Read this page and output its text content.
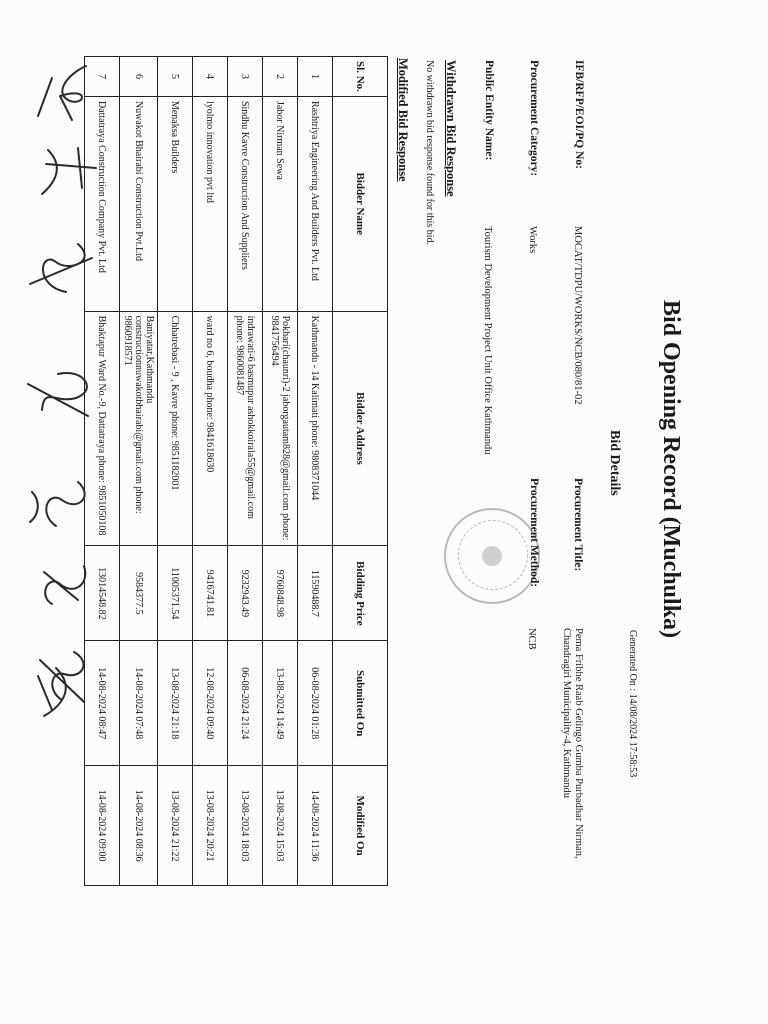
Generated On : 14/08/2024 17:58:53
Bid Opening Record (Muchulka)
Bid Details
IFB/RFP/EOI/PQ No:
MOCAT/TDPU/WORKS/NCB/080/81-02
Procurement Category:
Works
Public Entity Name:
Tourism Development Project Unit Office Kathmandu
Procurement Title:
Pema Fribhe Raab Gelingo Gumba Purbadhar Nirman, Chandragiri Municipality-4, Kathmandu
Procurement Method:
NCB
Withdrawn Bid Response
No withdrawn bid response found for this bid.
Modified Bid Response
Sl. No.	Bidder Name	Bidder Address	Bidding Price	Submitted On	Modified On
1	Rashtriya Engineering And Builders Pvt. Ltd	Kathmandu - 14 Kalimati phone: 9808371044	11590488.7	06-08-2024 01:28	14-08-2024 11:36
2	Jabor Nirman Sewa	Pokhari(chaunri)-2 jaborgautam828@gmail.com phone: 9841756494	9760848.98	13-08-2024 14:49	13-08-2024 15:03
3	Sindhu Kavre Construction And Suppliers	indrawati-6 basmupur ashokkoirala55@gmail.com phone: 9860081487	9232943.49	06-08-2024 21:24	13-08-2024 18:03
4	lyolmo innovation pvt ltd	ward no 6, boudha phone: 9841618630	9416741.81	12-08-2024 09:40	13-08-2024 20:21
5	Menaksa Builders	Chhatrebasi - 9 , Kavre phone: 9851182001	11005371.54	13-08-2024 21:18	13-08-2024 21:22
6	Nuwakot Bhairabi Construction Pvt.Ltd	Baniyatar,Kathmandu constructionnuwakotbhairabi@gmail.com phone: 9860918571	9584377.5	14-08-2024 07:48	14-08-2024 08:36
7	Dattatraya Construction Company Pvt. Ltd	Bhaktapur Ward No.-9, Dattatraya phone: 9851050108	13014548.82	14-08-2024 08:47	14-08-2024 09:00
